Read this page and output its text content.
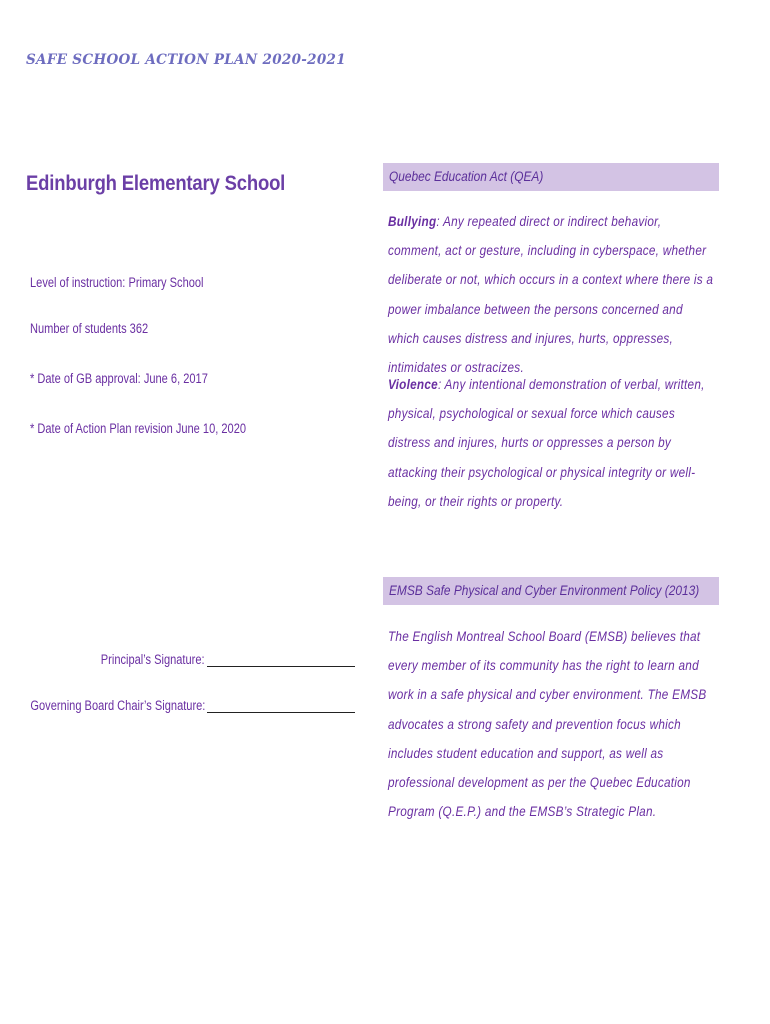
SAFE SCHOOL ACTION PLAN 2020-2021
Edinburgh Elementary School
Level of instruction: Primary School
Number of students 362
* Date of GB approval: June 6, 2017
* Date of Action Plan revision June 10, 2020
Principal’s Signature:
Governing Board Chair’s Signature:
Quebec Education Act (QEA)
Bullying: Any repeated direct or indirect behavior, comment, act or gesture, including in cyberspace, whether deliberate or not, which occurs in a context where there is a power imbalance between the persons concerned and which causes distress and injures, hurts, oppresses, intimidates or ostracizes.
Violence: Any intentional demonstration of verbal, written, physical, psychological or sexual force which causes distress and injures, hurts or oppresses a person by attacking their psychological or physical integrity or well-being, or their rights or property.
EMSB Safe Physical and Cyber Environment Policy (2013)
The English Montreal School Board (EMSB) believes that every member of its community has the right to learn and work in a safe physical and cyber environment. The EMSB advocates a strong safety and prevention focus which includes student education and support, as well as professional development as per the Quebec Education Program (Q.E.P.) and the EMSB’s Strategic Plan.
